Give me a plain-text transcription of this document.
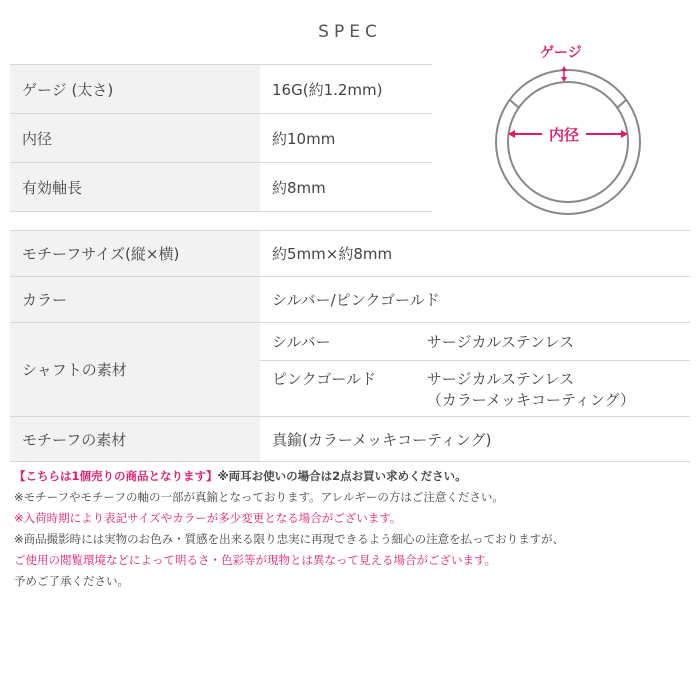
SPEC
ゲージ (太さ)	16G(約1.2mm)
内径	約10mm
有効軸長	約8mm
内径
ゲージ
モチーフサイズ(縦×横)	約5mm×約8mm
カラー	シルバー/ピンクゴールド
シャフトの素材	シルバー サージカルステンレス
	ピンクゴールド サージカルステンレス
（カラーメッキコーティング）
モチーフの素材	真鍮(カラーメッキコーティング)
【こちらは1個売りの商品となります】※両耳お使いの場合は2点お買い求めください。
※モチーフやモチーフの軸の一部が真鍮となっております。アレルギーの方はご注意ください。
※入荷時期により表記サイズやカラーが多少変更となる場合がございます。
※商品撮影時には実物のお色み・質感を出来る限り忠実に再現できるよう細心の注意を払っておりますが、
ご使用の閲覧環境などによって明るさ・色彩等が現物とは異なって見える場合がございます。
予めご了承ください。
